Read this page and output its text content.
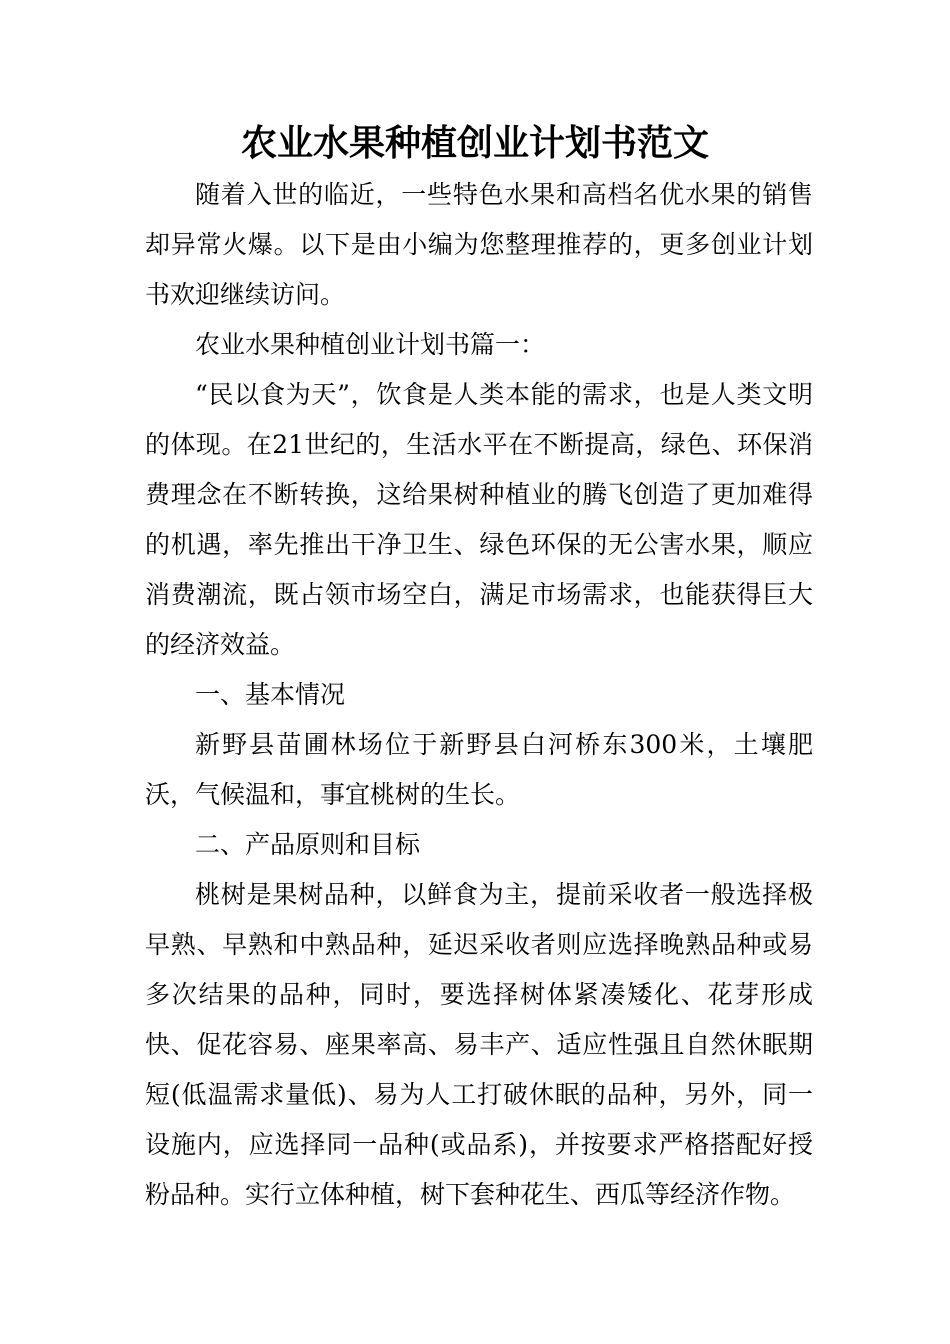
农业水果种植创业计划书范文

随着入世的临近，一些特色水果和高档名优水果的销售却异常火爆。以下是由小编为您整理推荐的，更多创业计划书欢迎继续访问。

农业水果种植创业计划书篇一：

“民以食为天”，饮食是人类本能的需求，也是人类文明的体现。在21世纪的，生活水平在不断提高，绿色、环保消费理念在不断转换，这给果树种植业的腾飞创造了更加难得的机遇，率先推出干净卫生、绿色环保的无公害水果，顺应消费潮流，既占领市场空白，满足市场需求，也能获得巨大的经济效益。

一、基本情况

新野县苗圃林场位于新野县白河桥东300米，土壤肥沃，气候温和，事宜桃树的生长。

二、产品原则和目标

桃树是果树品种，以鲜食为主，提前采收者一般选择极早熟、早熟和中熟品种，延迟采收者则应选择晚熟品种或易多次结果的品种，同时，要选择树体紧凑矮化、花芽形成快、促花容易、座果率高、易丰产、适应性强且自然休眠期短(低温需求量低)、易为人工打破休眠的品种，另外，同一设施内，应选择同一品种(或品系)，并按要求严格搭配好授粉品种。实行立体种植，树下套种花生、西瓜等经济作物。
